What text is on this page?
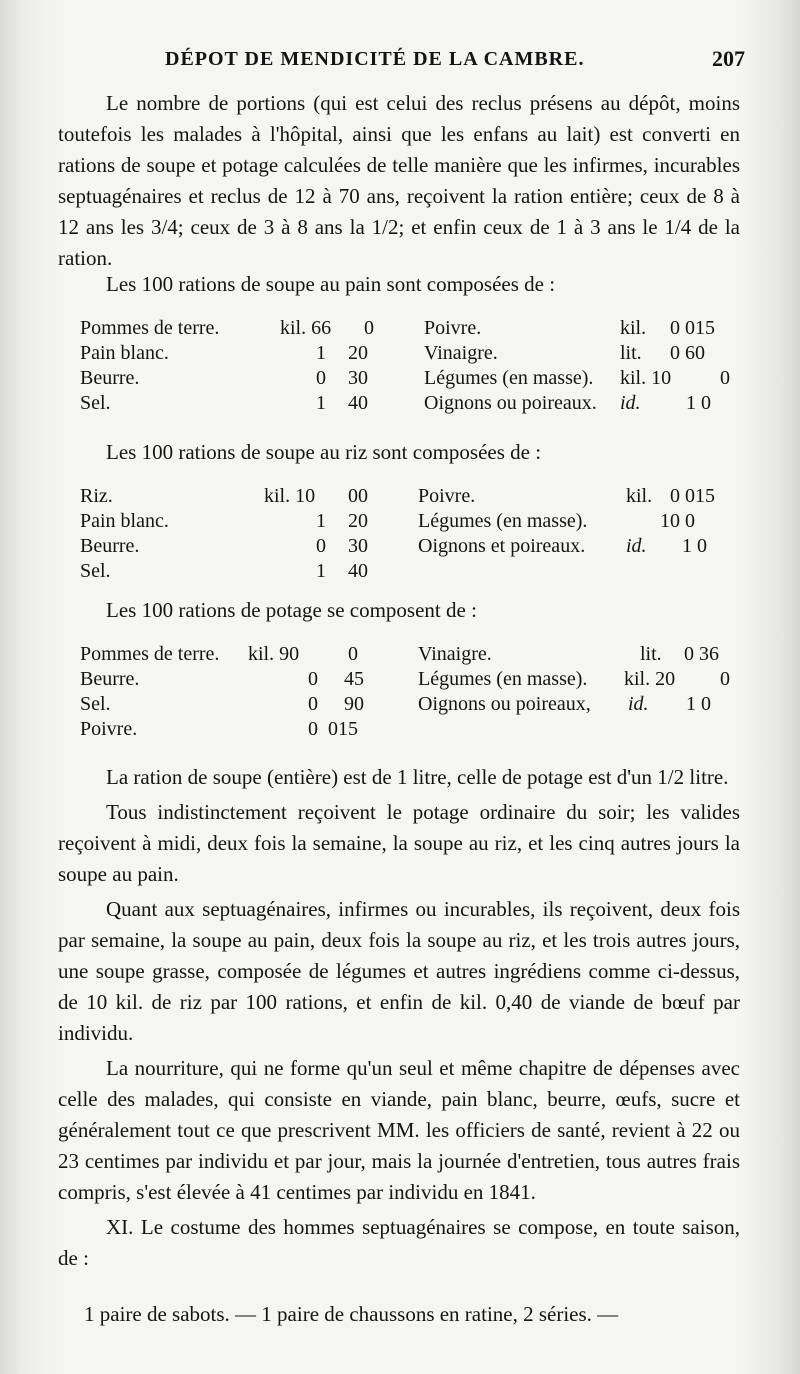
DÉPOT DE MENDICITÉ DE LA CAMBRE.	207

Le nombre de portions (qui est celui des reclus présens au dépôt, moins toutefois les malades à l'hôpital, ainsi que les enfans au lait) est converti en rations de soupe et potage calculées de telle manière que les infirmes, incurables septuagénaires et reclus de 12 à 70 ans, reçoivent la ration entière; ceux de 8 à 12 ans les 3/4; ceux de 3 à 8 ans la 1/2; et enfin ceux de 1 à 3 ans le 1/4 de la ration.

Les 100 rations de soupe au pain sont composées de :
Pommes de terre.	kil. 66 0	Poivre.	kil. 0 015
Pain blanc.	1 20	Vinaigre.	lit. 0 60
Beurre.	0 30	Légumes (en masse). kil. 10 0
Sel.	1 40	Oignons ou poireaux. id. 1 0
Les 100 rations de soupe au riz sont composées de :
Riz.	kil. 10 00	Poivre.	kil. 0 015
Pain blanc.	1 20	Légumes (en masse).	10 0
Beurre.	0 30	Oignons et poireaux. id. 1 0
Sel.	1 40
Les 100 rations de potage se composent de :
Pommes de terre. kil. 90 0	Vinaigre.	lit. 0 36
Beurre.	0 45	Légumes (en masse). kil. 20 0
Sel.	0 90	Oignons ou poireaux, id. 1 0
Poivre.	0 015

La ration de soupe (entière) est de 1 litre, celle de potage est d'un 1/2 litre.

Tous indistinctement reçoivent le potage ordinaire du soir; les valides reçoivent à midi, deux fois la semaine, la soupe au riz, et les cinq autres jours la soupe au pain.

Quant aux septuagénaires, infirmes ou incurables, ils reçoivent, deux fois par semaine, la soupe au pain, deux fois la soupe au riz, et les trois autres jours, une soupe grasse, composée de légumes et autres ingrédiens comme ci-dessus, de 10 kil. de riz par 100 rations, et enfin de kil. 0,40 de viande de bœuf par individu.

La nourriture, qui ne forme qu'un seul et même chapitre de dépenses avec celle des malades, qui consiste en viande, pain blanc, beurre, œufs, sucre et généralement tout ce que prescrivent MM. les officiers de santé, revient à 22 ou 23 centimes par individu et par jour, mais la journée d'entretien, tous autres frais compris, s'est élevée à 41 centimes par individu en 1841.

XI. Le costume des hommes septuagénaires se compose, en toute saison, de :

1 paire de sabots. — 1 paire de chaussons en ratine, 2 séries. —
